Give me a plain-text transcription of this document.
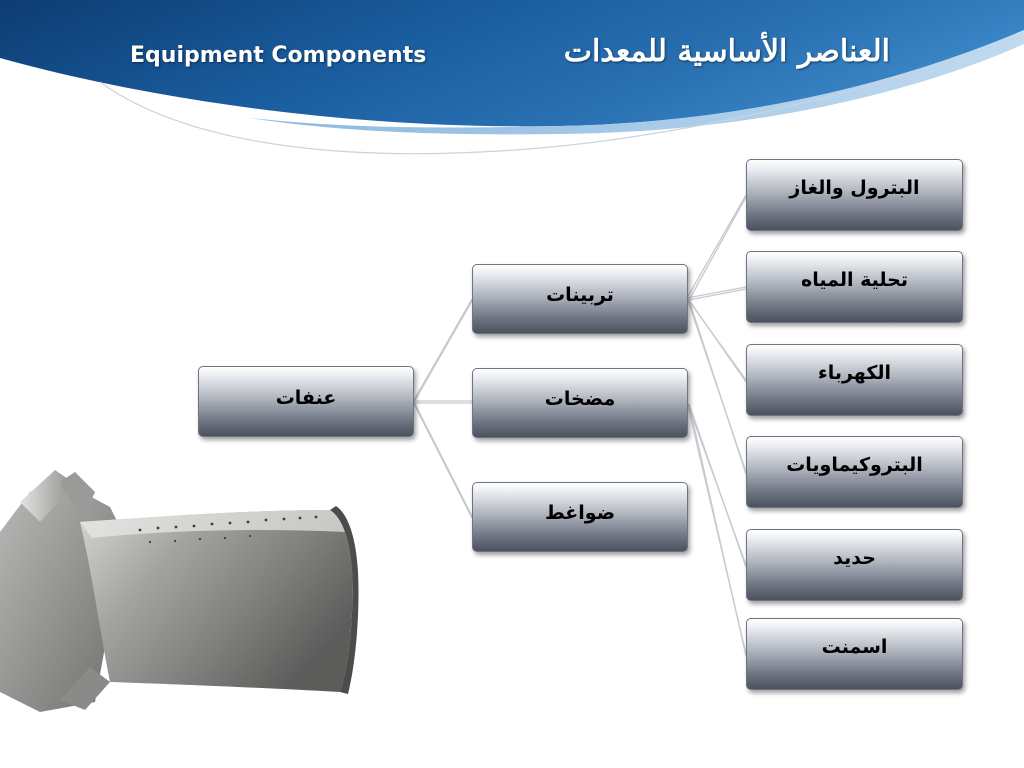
Equipment Components	العناصر الأساسية للمعدات
عنفات
تربينات
مضخات
ضواغط
البترول والغاز
تحلية المياه
الكهرباء
البتروكيماويات
حديد
اسمنت
